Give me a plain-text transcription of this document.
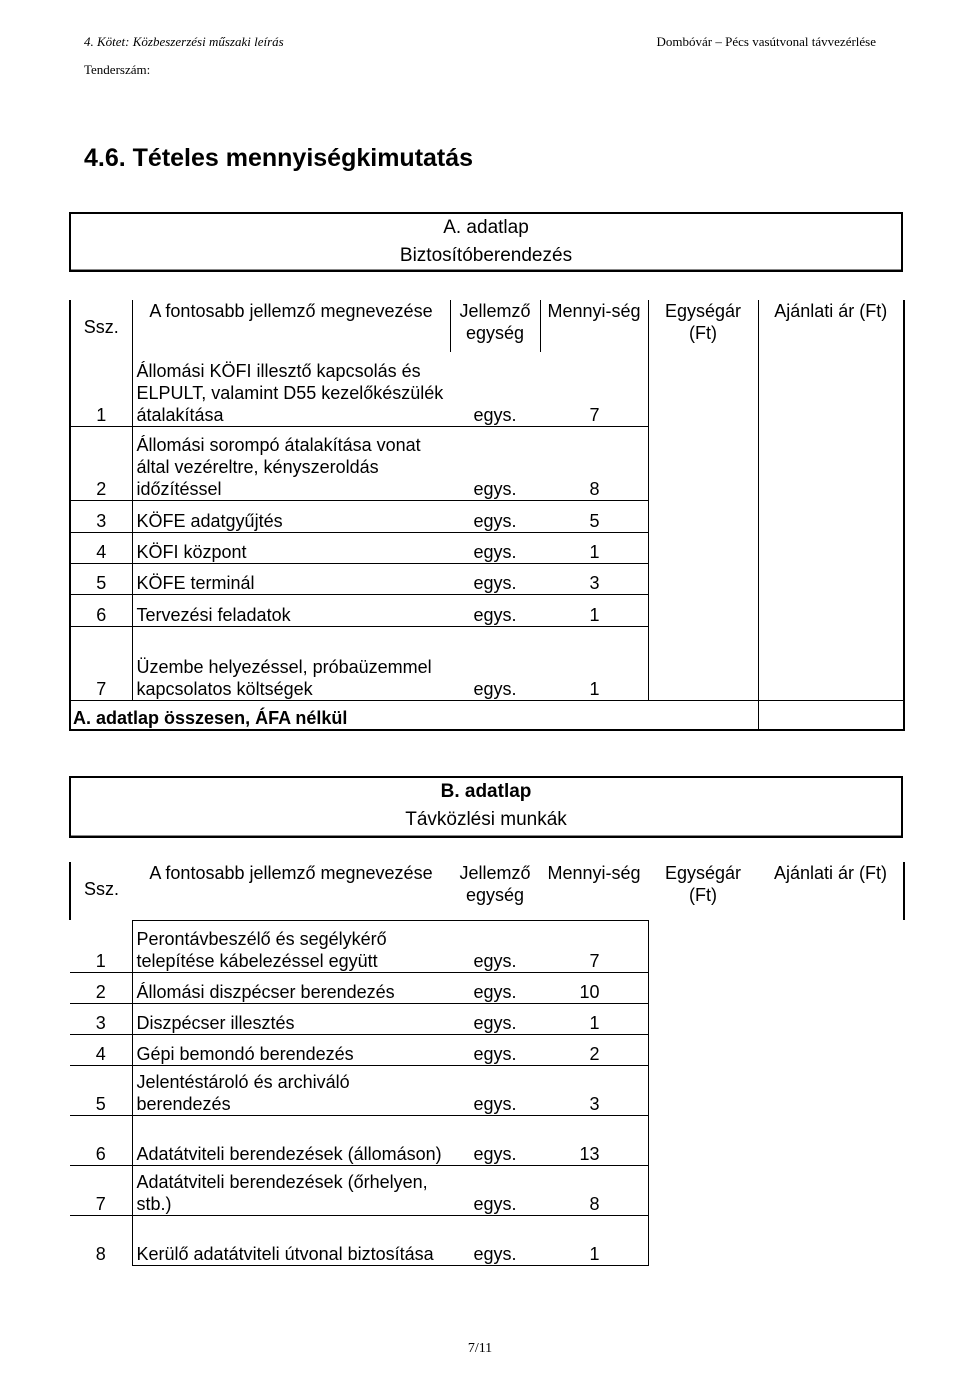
4. Kötet: Közbeszerzési műszaki leírás	Dombóvár – Pécs vasútvonal távvezérlése
Tenderszám:
4.6. Tételes mennyiségkimutatás
A. adatlap
Biztosítóberendezés
Ssz.	A fontosabb jellemző megnevezése	Jellemző egység	Mennyi-ség	Egységár (Ft)	Ajánlati ár (Ft)
1	Állomási KÖFI illesztő kapcsolás és ELPULT, valamint D55 kezelőkészülék átalakítása	egys.	7		
2	Állomási sorompó átalakítása vonat által vezéreltre, kényszeroldás időzítéssel	egys.	8		
3	KÖFE adatgyűjtés	egys.	5		
4	KÖFI központ	egys.	1		
5	KÖFE terminál	egys.	3		
6	Tervezési feladatok	egys.	1		
7	Üzembe helyezéssel, próbaüzemmel kapcsolatos költségek	egys.	1		
A. adatlap összesen, ÁFA nélkül					
B. adatlap
Távközlési munkák
Ssz.	A fontosabb jellemző megnevezése	Jellemző egység	Mennyi-ség	Egységár (Ft)	Ajánlati ár (Ft)
1	Perontávbeszélő és segélykérő telepítése kábelezéssel együtt	egys.	7		
2	Állomási diszpécser berendezés	egys.	10		
3	Diszpécser illesztés	egys.	1		
4	Gépi bemondó berendezés	egys.	2		
5	Jelentéstároló és archiváló berendezés	egys.	3		
6	Adatátviteli berendezések (állomáson)	egys.	13		
7	Adatátviteli berendezések (őrhelyen, stb.)	egys.	8		
8	Kerülő adatátviteli útvonal biztosítása	egys.	1		
7/11
